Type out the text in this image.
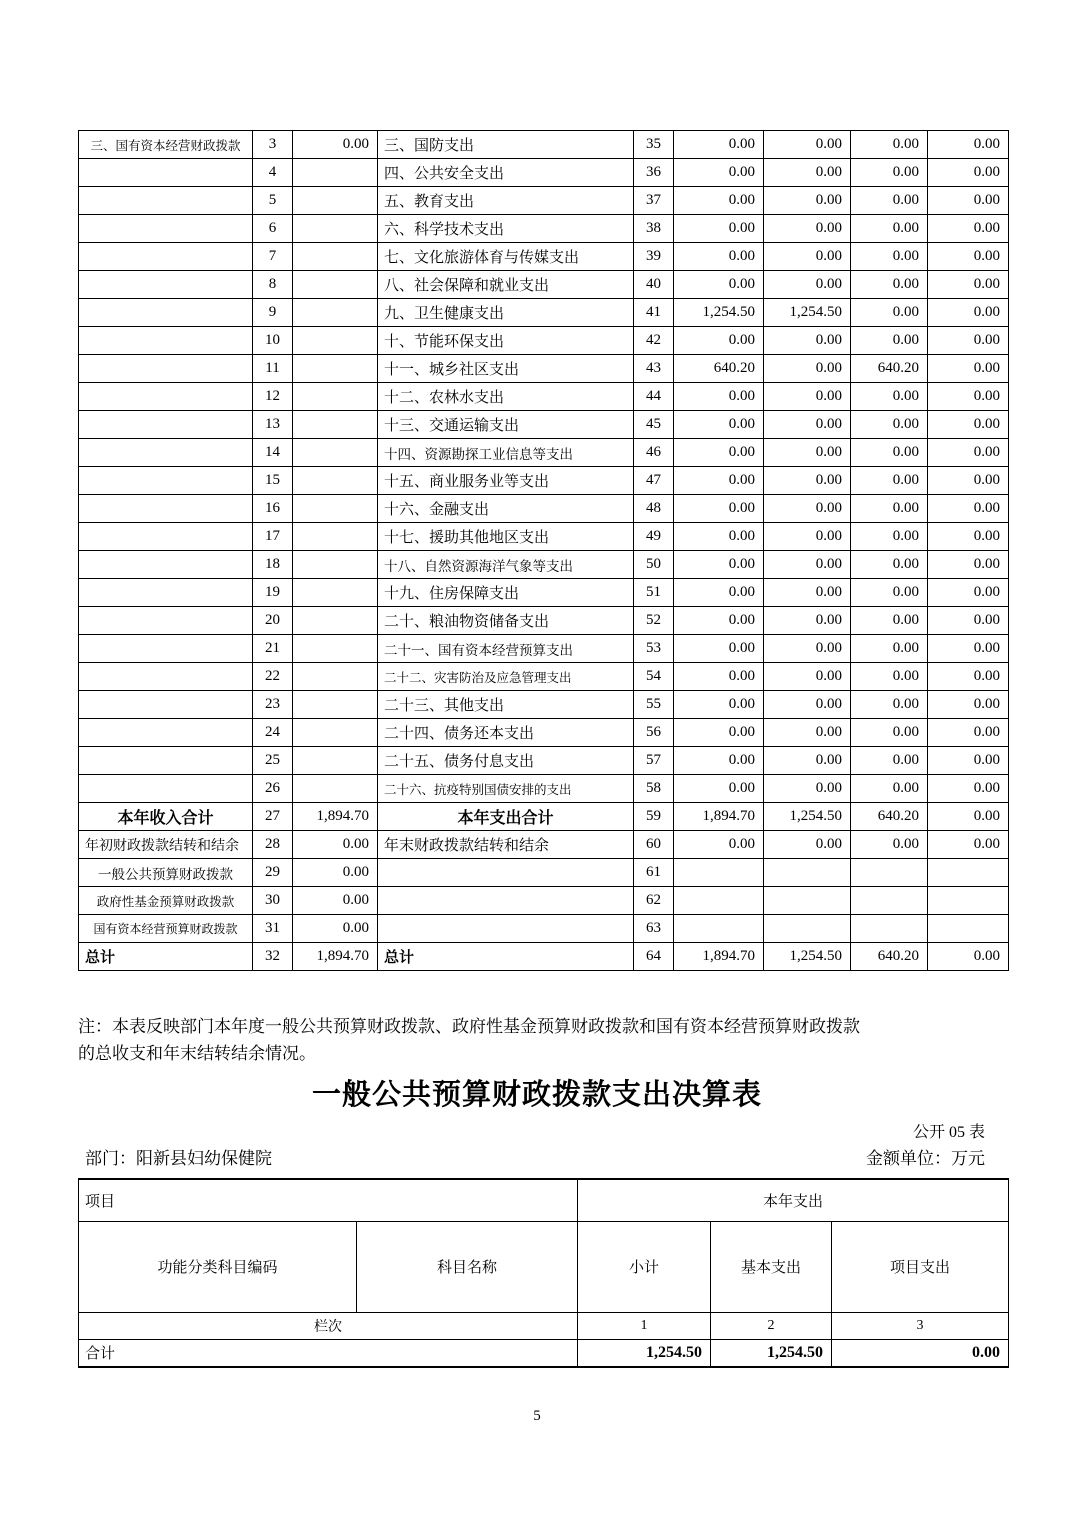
三、国有资本经营财政拨款	3	0.00	三、国防支出	35	0.00	0.00	0.00	0.00
	4		四、公共安全支出	36	0.00	0.00	0.00	0.00
	5		五、教育支出	37	0.00	0.00	0.00	0.00
	6		六、科学技术支出	38	0.00	0.00	0.00	0.00
	7		七、文化旅游体育与传媒支出	39	0.00	0.00	0.00	0.00
	8		八、社会保障和就业支出	40	0.00	0.00	0.00	0.00
	9		九、卫生健康支出	41	1,254.50	1,254.50	0.00	0.00
	10		十、节能环保支出	42	0.00	0.00	0.00	0.00
	11		十一、城乡社区支出	43	640.20	0.00	640.20	0.00
	12		十二、农林水支出	44	0.00	0.00	0.00	0.00
	13		十三、交通运输支出	45	0.00	0.00	0.00	0.00
	14		十四、资源勘探工业信息等支出	46	0.00	0.00	0.00	0.00
	15		十五、商业服务业等支出	47	0.00	0.00	0.00	0.00
	16		十六、金融支出	48	0.00	0.00	0.00	0.00
	17		十七、援助其他地区支出	49	0.00	0.00	0.00	0.00
	18		十八、自然资源海洋气象等支出	50	0.00	0.00	0.00	0.00
	19		十九、住房保障支出	51	0.00	0.00	0.00	0.00
	20		二十、粮油物资储备支出	52	0.00	0.00	0.00	0.00
	21		二十一、国有资本经营预算支出	53	0.00	0.00	0.00	0.00
	22		二十二、灾害防治及应急管理支出	54	0.00	0.00	0.00	0.00
	23		二十三、其他支出	55	0.00	0.00	0.00	0.00
	24		二十四、债务还本支出	56	0.00	0.00	0.00	0.00
	25		二十五、债务付息支出	57	0.00	0.00	0.00	0.00
	26		二十六、抗疫特别国债安排的支出	58	0.00	0.00	0.00	0.00
本年收入合计	27	1,894.70	本年支出合计	59	1,894.70	1,254.50	640.20	0.00
年初财政拨款结转和结余	28	0.00	年末财政拨款结转和结余	60	0.00	0.00	0.00	0.00
一般公共预算财政拨款	29	0.00		61				
政府性基金预算财政拨款	30	0.00		62				
国有资本经营预算财政拨款	31	0.00		63				
总计	32	1,894.70	总计	64	1,894.70	1,254.50	640.20	0.00
注：本表反映部门本年度一般公共预算财政拨款、政府性基金预算财政拨款和国有资本经营预算财政拨款
的总收支和年末结转结余情况。
一般公共预算财政拨款支出决算表
公开 05 表
部门：阳新县妇幼保健院	金额单位：万元
项目		本年支出		
功能分类科目编码	科目名称	小计	基本支出	项目支出
栏次		1	2	3
合计		1,254.50	1,254.50	0.00
5
